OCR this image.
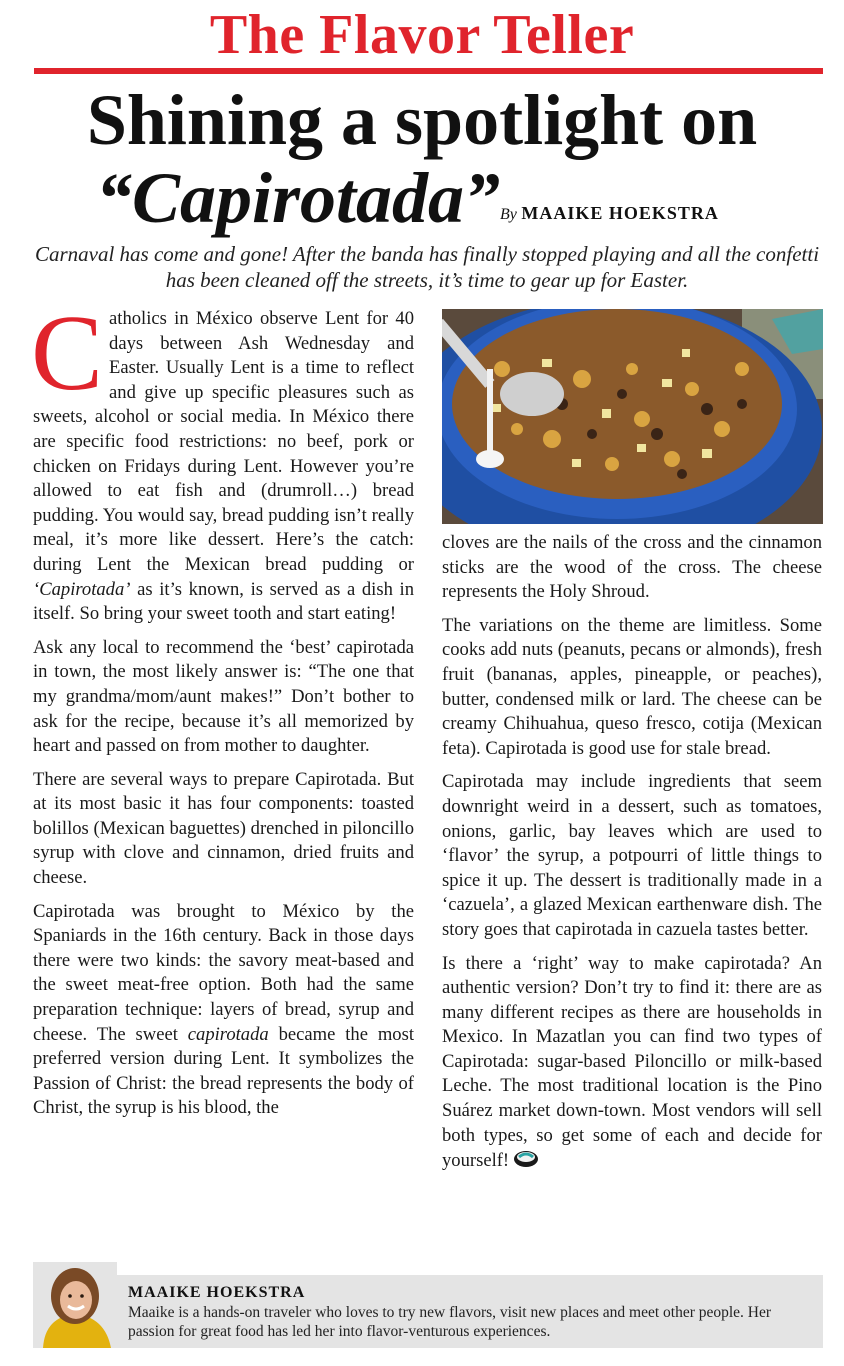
The Flavor Teller
Shining a spotlight on
“Capirotada” By MAAIKE HOEKSTRA
Carnaval has come and gone! After the banda has finally stopped playing and all the confetti has been cleaned off the streets, it’s time to gear up for Easter.

Catholics in México observe Lent for 40 days between Ash Wednesday and Easter. Usually Lent is a time to reflect and give up specific pleasures such as sweets, alcohol or social media. In México there are specific food restrictions: no beef, pork or chicken on Fridays during Lent. However you’re allowed to eat fish and (drumroll…) bread pudding. You would say, bread pudding isn’t really meal, it’s more like dessert. Here’s the catch: during Lent the Mexican bread pudding or ‘Capirotada’ as it’s known, is served as a dish in itself. So bring your sweet tooth and start eating!

Ask any local to recommend the ‘best’ capirotada in town, the most likely answer is: “The one that my grandma/mom/aunt makes!” Don’t bother to ask for the recipe, because it’s all memorized by heart and passed on from mother to daughter.

There are several ways to prepare Capirotada. But at its most basic it has four components: toasted bolillos (Mexican baguettes) drenched in piloncillo syrup with clove and cinnamon, dried fruits and cheese.

Capirotada was brought to México by the Spaniards in the 16th century. Back in those days there were two kinds: the savory meat-based and the sweet meat-free option. Both had the same preparation technique: layers of bread, syrup and cheese. The sweet capirotada became the most preferred version during Lent. It symbolizes the Passion of Christ: the bread represents the body of Christ, the syrup is his blood, the

cloves are the nails of the cross and the cinnamon sticks are the wood of the cross. The cheese represents the Holy Shroud.

The variations on the theme are limitless. Some cooks add nuts (peanuts, pecans or almonds), fresh fruit (bananas, apples, pineapple, or peaches), butter, condensed milk or lard. The cheese can be creamy Chihuahua, queso fresco, cotija (Mexican feta). Capirotada is good use for stale bread.

Capirotada may include ingredients that seem downright weird in a dessert, such as tomatoes, onions, garlic, bay leaves which are used to ‘flavor’ the syrup, a potpourri of little things to spice it up. The dessert is traditionally made in a ‘cazuela’, a glazed Mexican earthenware dish. The story goes that capirotada in cazuela tastes better.

Is there a ‘right’ way to make capirotada? An authentic version? Don’t try to find it: there are as many different recipes as there are households in Mexico. In Mazatlan you can find two types of Capirotada: sugar-based Piloncillo or milk-based Leche. The most traditional location is the Pino Suárez market down-town. Most vendors will sell both types, so get some of each and decide for yourself!

MAAIKE HOEKSTRA
Maaike is a hands-on traveler who loves to try new flavors, visit new places and meet other people. Her passion for great food has led her into flavor-venturous experiences.
